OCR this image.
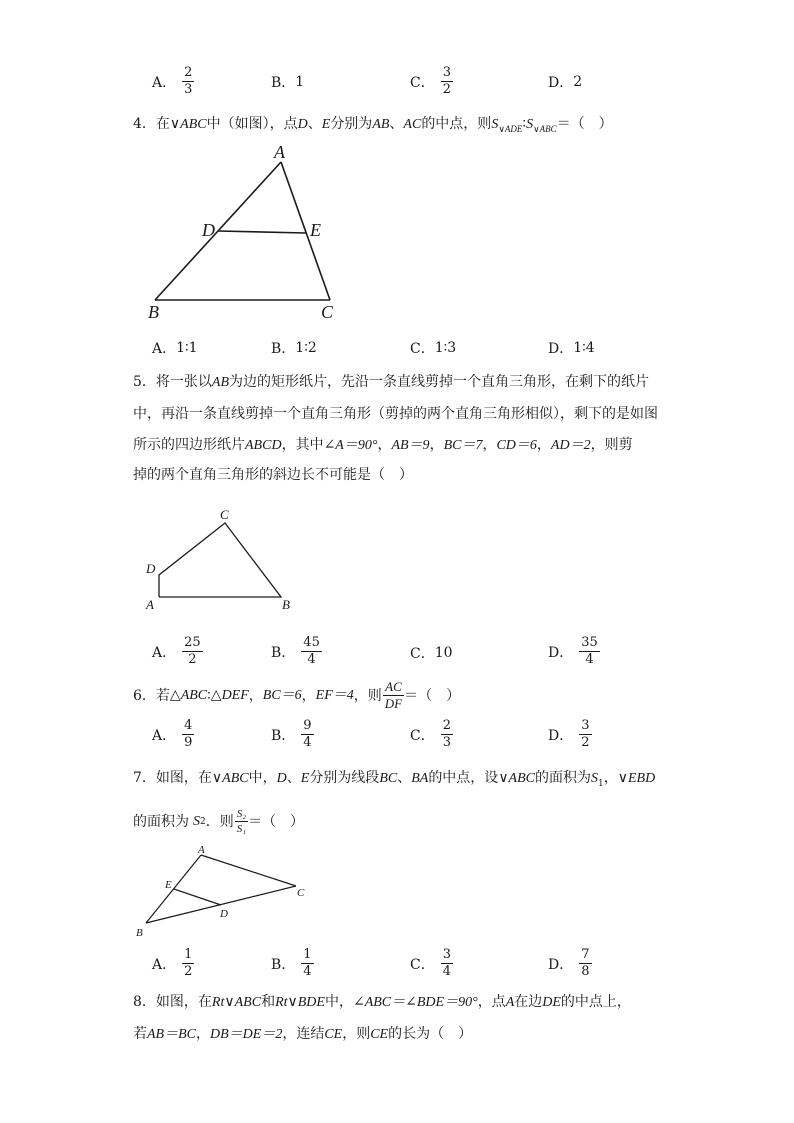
A． $\frac{2}{3}$	B． 1	C． $\frac{3}{2}$	D． 2
4．在∨ABC中（如图），点D、E分别为AB、AC的中点，则$S_{\vee ADE}∶S_{\vee ABC}=$（　）
A
B	C
D	E
A． 1∶1	B． 1∶2	C． 1∶3	D． 1∶4
5．将一张以AB为边的矩形纸片，先沿一条直线剪掉一个直角三角形，在剩下的纸片
中，再沿一条直线剪掉一个直角三角形（剪掉的两个直角三角形相似），剩下的是如图
所示的四边形纸片ABCD，其中∠A＝90°，AB＝9，BC＝7，CD＝6，AD＝2，则剪
掉的两个直角三角形的斜边长不可能是（　）
C
D
A	B
A． $\frac{25}{2}$	B． $\frac{45}{4}$	C． 10	D． $\frac{35}{4}$
6．若 △ABC ∶ △DEF ， BC＝6 ， EF＝4 ，则 $\frac{AC}{DF}$ ＝（　）
A． $\frac{4}{9}$	B． $\frac{9}{4}$	C． $\frac{2}{3}$	D． $\frac{3}{2}$
7．如图，在∨ABC中，D、E分别为线段BC、BA的中点，设∨ABC的面积为$S_1$，∨EBD
的面积为 S 2 ．则 $\frac{\text{S₂}}{\text{S₁}}$ ＝（　）
A
B
C
D
E
A． $\frac{1}{2}$	B． $\frac{1}{4}$	C． $\frac{3}{4}$	D． $\frac{7}{8}$
8．如图，在Rt∨ABC和Rt∨BDE中，∠ABC＝∠BDE＝90°，点A在边DE的中点上，
若AB＝BC，DB＝DE＝2，连结CE，则CE的长为（　）
